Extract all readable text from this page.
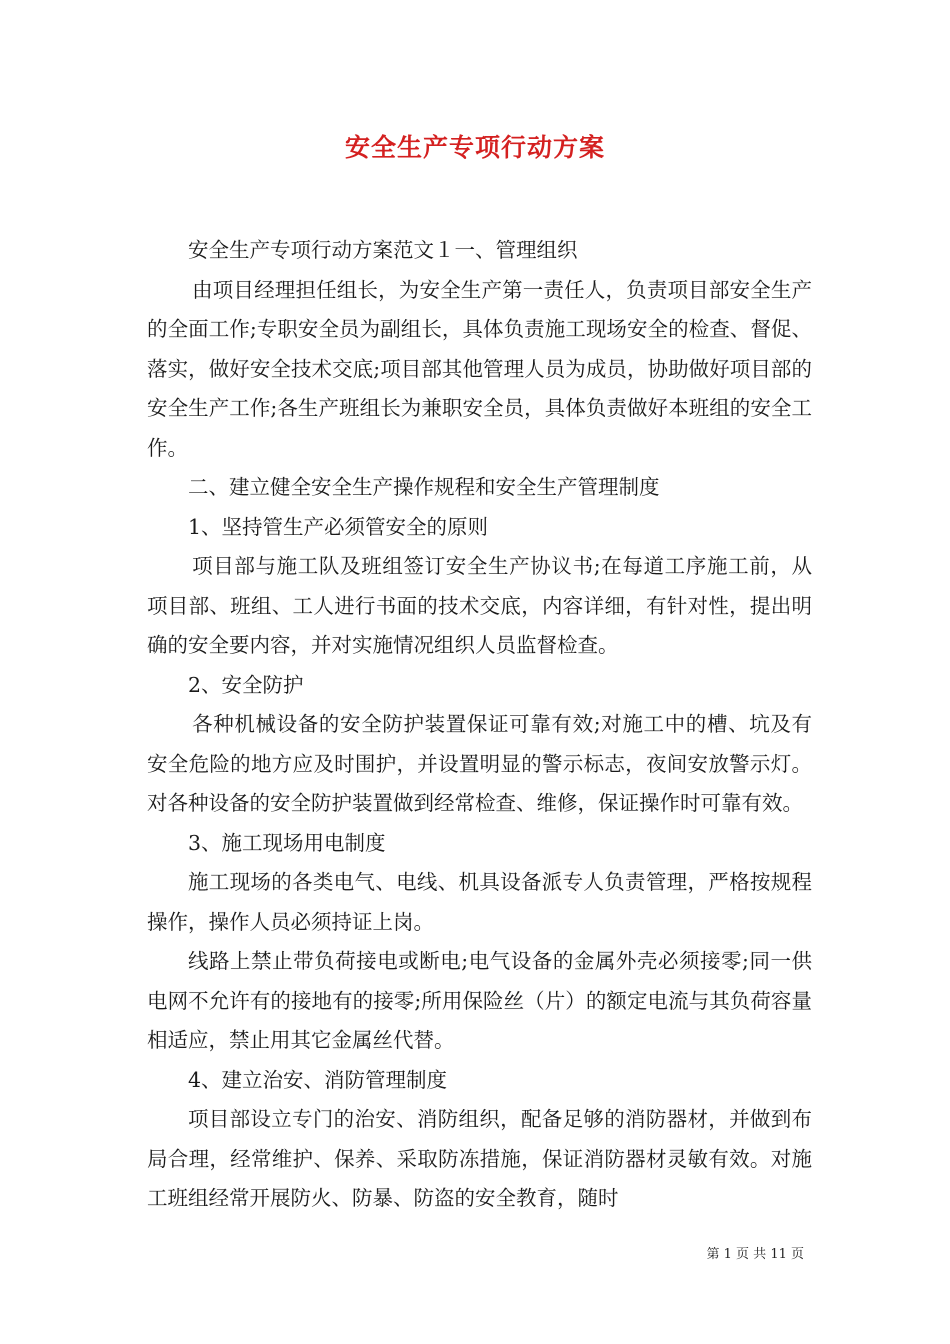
安全生产专项行动方案

安全生产专项行动方案范文１一、管理组织

由项目经理担任组长，为安全生产第一责任人，负责项目部安全生产的全面工作;专职安全员为副组长，具体负责施工现场安全的检查、督促、落实，做好安全技术交底;项目部其他管理人员为成员，协助做好项目部的安全生产工作;各生产班组长为兼职安全员，具体负责做好本班组的安全工作。

二、建立健全安全生产操作规程和安全生产管理制度

1、坚持管生产必须管安全的原则

项目部与施工队及班组签订安全生产协议书;在每道工序施工前，从项目部、班组、工人进行书面的技术交底，内容详细，有针对性，提出明确的安全要内容，并对实施情况组织人员监督检查。

2、安全防护

各种机械设备的安全防护装置保证可靠有效;对施工中的槽、坑及有安全危险的地方应及时围护，并设置明显的警示标志，夜间安放警示灯。对各种设备的安全防护装置做到经常检查、维修，保证操作时可靠有效。

3、施工现场用电制度

施工现场的各类电气、电线、机具设备派专人负责管理，严格按规程操作，操作人员必须持证上岗。

线路上禁止带负荷接电或断电;电气设备的金属外壳必须接零;同一供电网不允许有的接地有的接零;所用保险丝（片）的额定电流与其负荷容量相适应，禁止用其它金属丝代替。

4、建立治安、消防管理制度

项目部设立专门的治安、消防组织，配备足够的消防器材，并做到布局合理，经常维护、保养、采取防冻措施，保证消防器材灵敏有效。对施工班组经常开展防火、防暴、防盗的安全教育，随时

第 1 页 共 11 页
